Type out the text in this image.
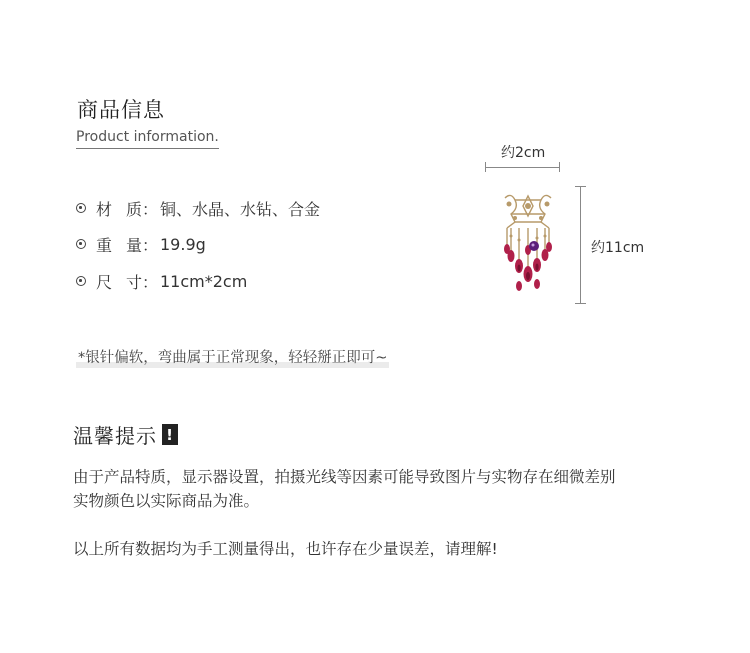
商品信息
Product information.
材 质： 铜、水晶、水钻、合金
重 量： 19.9g
尺 寸： 11cm*2cm
*银针偏软，弯曲属于正常现象，轻轻掰正即可~
约2cm
约11cm
温馨提示 !
由于产品特质，显示器设置，拍摄光线等因素可能导致图片与实物存在细微差别
实物颜色以实际商品为准。
以上所有数据均为手工测量得出，也许存在少量误差，请理解!
